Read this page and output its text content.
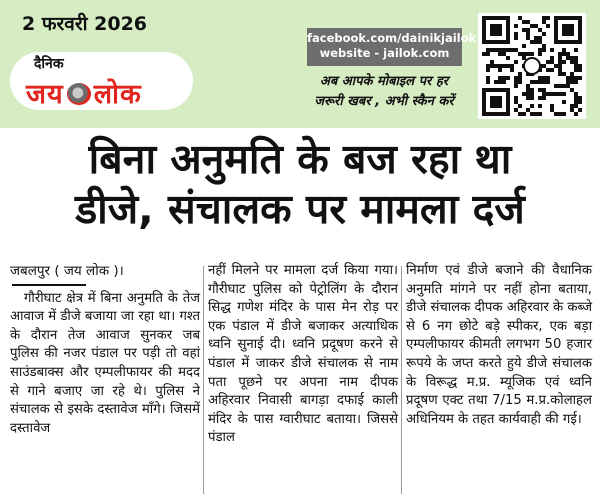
2 फरवरी 2026
दैनिक
जय लोक
facebook.com/dainikjailok
website - jailok.com
अब आपके मोबाइल पर हर
जरूरी खबर , अभी स्कैन करें
बिना अनुमति के बज रहा था
डीजे, संचालक पर मामला दर्ज
जबलपुर ( जय लोक )।

गौरीघाट क्षेत्र में बिना अनुमति के तेज आवाज में डीजे बजाया जा रहा था। गश्त के दौरान तेज आवाज सुनकर जब पुलिस की नजर पंडाल पर पड़ी तो वहां साउंडबाक्स और एम्पलीफायर की मदद से गाने बजाए जा रहे थे। पुलिस ने संचालक से इसके दस्तावेज माँगे। जिसमें दस्तावेज

नहीं मिलने पर मामला दर्ज किया गया। गौरीघाट पुलिस को पेट्रोलिंग के दौरान सिद्ध गणेश मंदिर के पास मेन रोड़ पर एक पंडाल में डीजे बजाकर अत्याधिक ध्वनि सुनाई दी। ध्वनि प्रदूषण करने से पंडाल में जाकर डीजे संचालक से नाम पता पूछने पर अपना नाम दीपक अहिरवार निवासी बागड़ा दफाई काली मंदिर के पास ग्वारीघाट बताया। जिससे पंडाल

निर्माण एवं डीजे बजाने की वैधानिक अनुमति मांगने पर नहीं होना बताया, डीजे संचालक दीपक अहिरवार के कब्जे से 6 नग छोटे बड़े स्पीकर, एक बड़ा एम्पलीफायर कीमती लगभग 50 हजार रूपये के जप्त करते हुये डीजे संचालक के विरूद्ध म.प्र. म्यूजिक एवं ध्वनि प्रदूषण एक्ट तथा 7/15 म.प्र.कोलाहल अधिनियम के तहत कार्यवाही की गई।
